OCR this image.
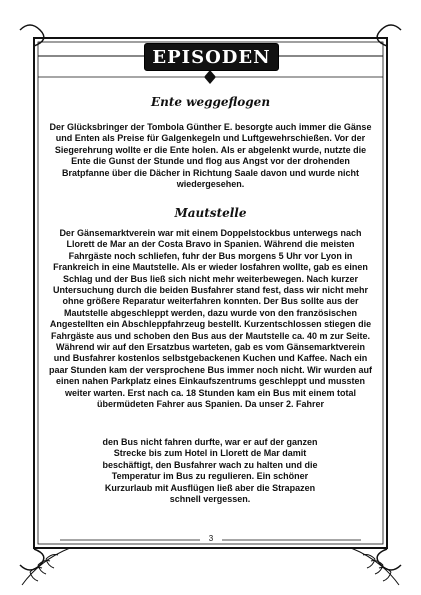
EPISODEN
Ente weggeflogen
Der Glücksbringer der Tombola Günther E. besorgte auch immer die Gänse und Enten als Preise für Galgenkegeln und Luftgewehrschießen. Vor der Siegerehrung wollte er die Ente holen. Als er abgelenkt wurde, nutzte die Ente die Gunst der Stunde und flog aus Angst vor der drohenden Bratpfanne über die Dächer in Richtung Saale davon und wurde nicht wiedergesehen.
Mautstelle
Der Gänsemarktverein war mit einem Doppelstockbus unterwegs nach Llorett de Mar an der Costa Bravo in Spanien. Während die meisten Fahrgäste noch schliefen, fuhr der Bus morgens 5 Uhr vor Lyon in Frankreich in eine Mautstelle. Als er wieder losfahren wollte, gab es einen Schlag und der Bus ließ sich nicht mehr weiterbewegen. Nach kurzer Untersuchung durch die beiden Busfahrer stand fest, dass wir nicht mehr ohne größere Reparatur weiterfahren konnten. Der Bus sollte aus der Mautstelle abgeschleppt werden, dazu wurde von den französischen Angestellten ein Abschleppfahrzeug bestellt. Kurzentschlossen stiegen die Fahrgäste aus und schoben den Bus aus der Mautstelle ca. 40 m zur Seite. Während wir auf den Ersatzbus warteten, gab es vom Gänsemarktverein und Busfahrer kostenlos selbstgebackenen Kuchen und Kaffee. Nach ein paar Stunden kam der versprochene Bus immer noch nicht. Wir wurden auf einen nahen Parkplatz eines Einkaufszentrums geschleppt und mussten weiter warten. Erst nach ca. 18 Stunden kam ein Bus mit einem total übermüdeten Fahrer aus Spanien. Da unser 2. Fahrer
den Bus nicht fahren durfte, war er auf der ganzen Strecke bis zum Hotel in Llorett de Mar damit beschäftigt, den Busfahrer wach zu halten und die Temperatur im Bus zu regulieren. Ein schöner Kurzurlaub mit Ausflügen ließ aber die Strapazen schnell vergessen.
3
